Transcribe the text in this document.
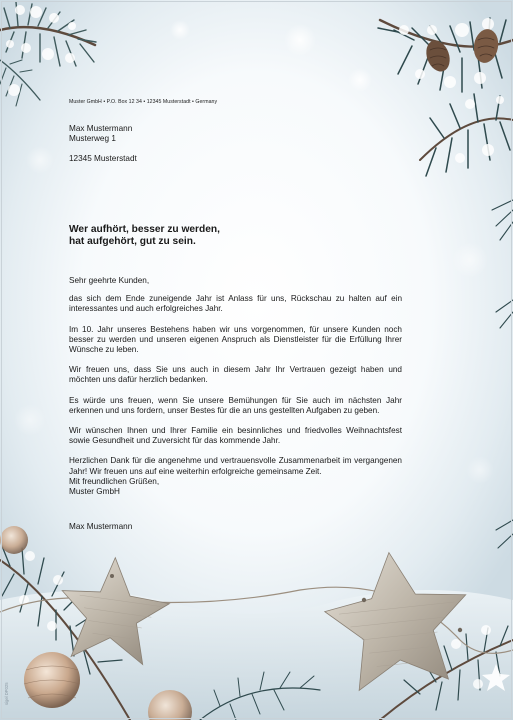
Muster GmbH • P.O. Box 12 34 • 12345 Musterstadt • Germany
Max Mustermann
Musterweg 1
12345 Musterstadt
Wer aufhört, besser zu werden,
hat aufgehört, gut zu sein.

Sehr geehrte Kunden,

das sich dem Ende zuneigende Jahr ist Anlass für uns, Rückschau zu halten auf ein interessantes und auch erfolgreiches Jahr.

Im 10. Jahr unseres Bestehens haben wir uns vorgenommen, für unsere Kunden noch besser zu werden und unseren eigenen Anspruch als Dienstleister für die Erfüllung Ihrer Wünsche zu leben.

Wir freuen uns, dass Sie uns auch in diesem Jahr Ihr Vertrauen gezeigt haben und möchten uns dafür herzlich bedanken.

Es würde uns freuen, wenn Sie unsere Bemühungen für Sie auch im nächsten Jahr erkennen und uns fordern, unser Bestes für die an uns gestellten Aufgaben zu geben.

Wir wünschen Ihnen und Ihrer Familie ein besinnliches und friedvolles Weihnachtsfest sowie Gesundheit und Zuversicht für das kommende Jahr.

Herzlichen Dank für die angenehme und vertrauensvolle Zusammenarbeit im vergangenen Jahr! Wir freuen uns auf eine weiterhin erfolgreiche gemeinsame Zeit.

Mit freundlichen Grüßen,
Muster GmbH
Max Mustermann
sigel DP025
